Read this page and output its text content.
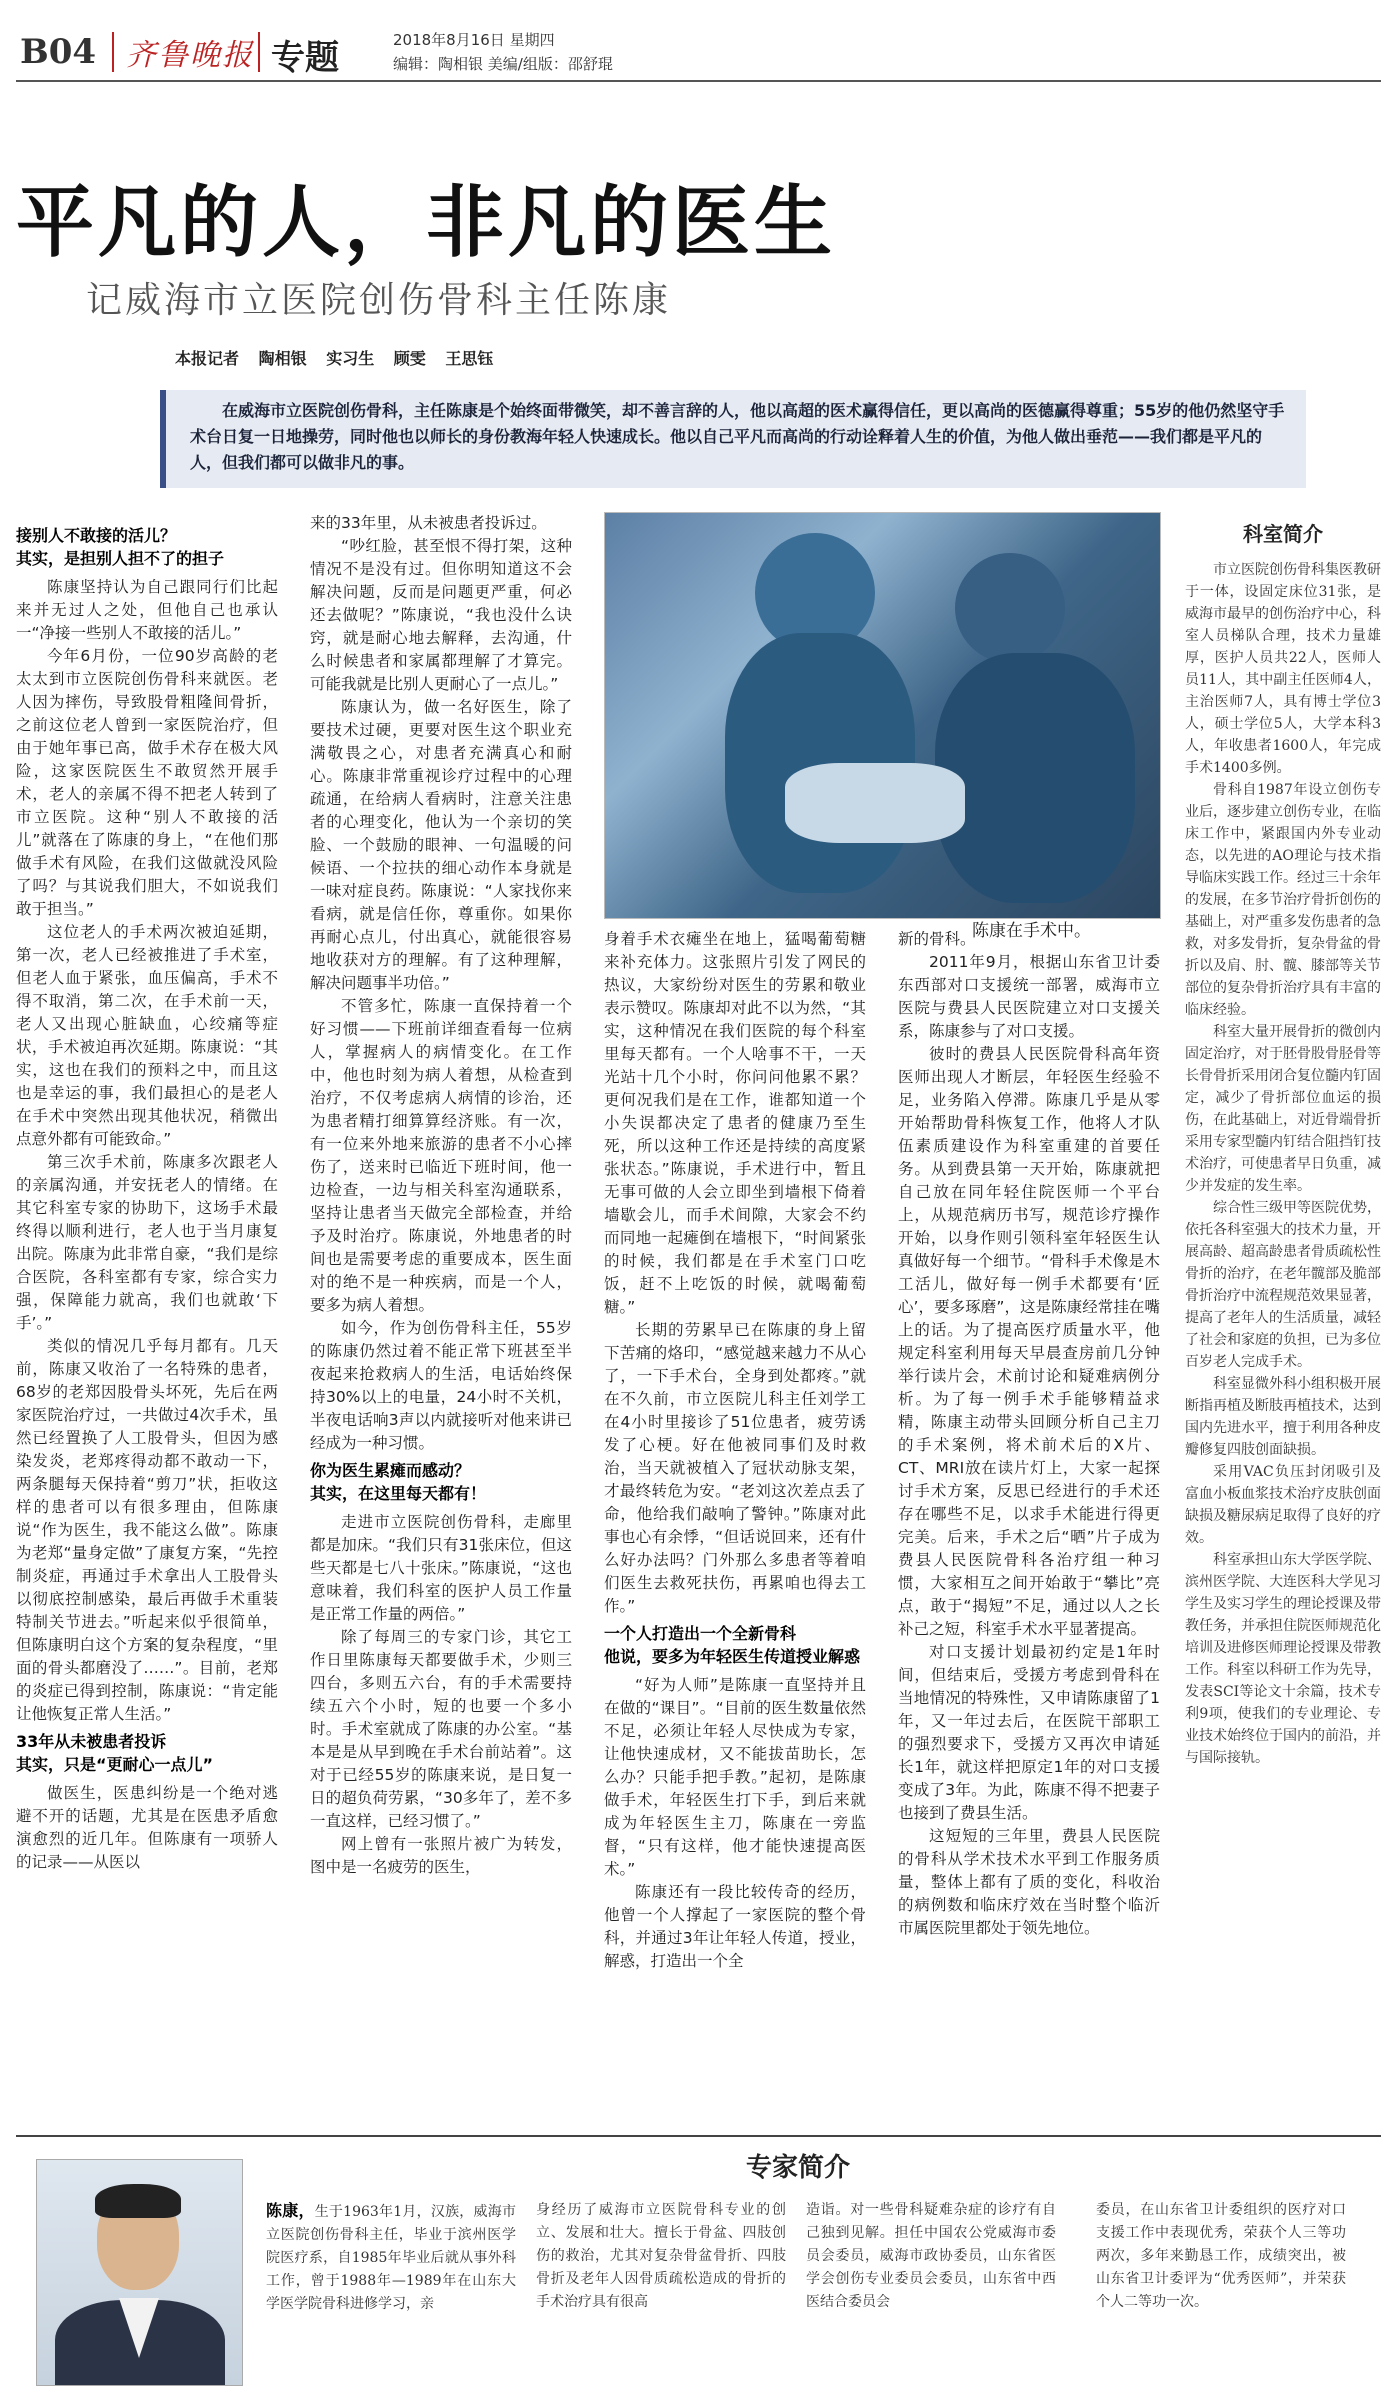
B04 齐鲁晚报 专题	2018年8月16日 星期四
编辑：陶相银 美编/组版：邵舒琨
平凡的人，非凡的医生
记威海市立医院创伤骨科主任陈康
本报记者 陶相银 实习生 顾雯 王思钰

在威海市立医院创伤骨科，主任陈康是个始终面带微笑，却不善言辞的人，他以高超的医术赢得信任，更以高尚的医德赢得尊重；55岁的他仍然坚守手术台日复一日地操劳，同时他也以师长的身份教海年轻人快速成长。他以自己平凡而高尚的行动诠释着人生的价值，为他人做出垂范——我们都是平凡的人，但我们都可以做非凡的事。

接别人不敢接的活儿？
其实，是担别人担不了的担子

陈康坚持认为自己跟同行们比起来并无过人之处，但他自己也承认一“净接一些别人不敢接的活儿。”

今年6月份，一位90岁高龄的老太太到市立医院创伤骨科来就医。老人因为摔伤，导致股骨粗隆间骨折，之前这位老人曾到一家医院治疗，但由于她年事已高，做手术存在极大风险，这家医院医生不敢贸然开展手术，老人的亲属不得不把老人转到了市立医院。这种“别人不敢接的活儿”就落在了陈康的身上，“在他们那做手术有风险，在我们这做就没风险了吗？与其说我们胆大，不如说我们敢于担当。”

这位老人的手术两次被迫延期，第一次，老人已经被推进了手术室，但老人血于紧张，血压偏高，手术不得不取消，第二次，在手术前一天，老人又出现心脏缺血，心绞痛等症状，手术被迫再次延期。陈康说：“其实，这也在我们的预料之中，而且这也是幸运的事，我们最担心的是老人在手术中突然出现其他状况，稍微出点意外都有可能致命。”

第三次手术前，陈康多次跟老人的亲属沟通，并安抚老人的情绪。在其它科室专家的协助下，这场手术最终得以顺利进行，老人也于当月康复出院。陈康为此非常自豪，“我们是综合医院，各科室都有专家，综合实力强，保障能力就高，我们也就敢‘下手’。”

类似的情况几乎每月都有。几天前，陈康又收治了一名特殊的患者，68岁的老郑因股骨头坏死，先后在两家医院治疗过，一共做过4次手术，虽然已经置换了人工股骨头，但因为感染发炎，老郑疼得动都不敢动一下，两条腿每天保持着“剪刀”状，拒收这样的患者可以有很多理由，但陈康说“作为医生，我不能这么做”。陈康为老郑“量身定做”了康复方案，“先控制炎症，再通过手术拿出人工股骨头以彻底控制感染，最后再做手术重装特制关节进去。”听起来似乎很简单，但陈康明白这个方案的复杂程度，“里面的骨头都磨没了……”。目前，老郑的炎症已得到控制，陈康说：“肯定能让他恢复正常人生活。”

33年从未被患者投诉
其实，只是“更耐心一点儿”

做医生，医患纠纷是一个绝对逃避不开的话题，尤其是在医患矛盾愈演愈烈的近几年。但陈康有一项骄人的记录——从医以

来的33年里，从未被患者投诉过。

“吵红脸，甚至恨不得打架，这种情况不是没有过。但你明知道这不会解决问题，反而是问题更严重，何必还去做呢？”陈康说，“我也没什么诀窍，就是耐心地去解释，去沟通，什么时候患者和家属都理解了才算完。可能我就是比别人更耐心了一点儿。”

陈康认为，做一名好医生，除了要技术过硬，更要对医生这个职业充满敬畏之心，对患者充满真心和耐心。陈康非常重视诊疗过程中的心理疏通，在给病人看病时，注意关注患者的心理变化，他认为一个亲切的笑脸、一个鼓励的眼神、一句温暖的问候语、一个拉扶的细心动作本身就是一味对症良药。陈康说：“人家找你来看病，就是信任你，尊重你。如果你再耐心点儿，付出真心，就能很容易地收获对方的理解。有了这种理解，解决问题事半功倍。”

不管多忙，陈康一直保持着一个好习惯——下班前详细查看每一位病人，掌握病人的病情变化。在工作中，他也时刻为病人着想，从检查到治疗，不仅考虑病人病情的诊治，还为患者精打细算算经济账。有一次，有一位来外地来旅游的患者不小心摔伤了，送来时已临近下班时间，他一边检查，一边与相关科室沟通联系，坚持让患者当天做完全部检查，并给予及时治疗。陈康说，外地患者的时间也是需要考虑的重要成本，医生面对的绝不是一种疾病，而是一个人，要多为病人着想。

如今，作为创伤骨科主任，55岁的陈康仍然过着不能正常下班甚至半夜起来抢救病人的生活，电话始终保持30%以上的电量，24小时不关机，半夜电话响3声以内就接听对他来讲已经成为一种习惯。

你为医生累瘫而感动？
其实，在这里每天都有！

走进市立医院创伤骨科，走廊里都是加床。“我们只有31张床位，但这些天都是七八十张床。”陈康说，“这也意味着，我们科室的医护人员工作量是正常工作量的两倍。”

除了每周三的专家门诊，其它工作日里陈康每天都要做手术，少则三四台，多则五六台，有的手术需要持续五六个小时，短的也要一个多小时。手术室就成了陈康的办公室。“基本是是从早到晚在手术台前站着”。这对于已经55岁的陈康来说，是日复一日的超负荷劳累，“30多年了，差不多一直这样，已经习惯了。”

网上曾有一张照片被广为转发，图中是一名疲劳的医生，

陈康在手术中。

身着手术衣瘫坐在地上，猛喝葡萄糖来补充体力。这张照片引发了网民的热议，大家纷纷对医生的劳累和敬业表示赞叹。陈康却对此不以为然，“其实，这种情况在我们医院的每个科室里每天都有。一个人啥事不干，一天光站十几个小时，你问问他累不累？更何况我们是在工作，谁都知道一个小失误都决定了患者的健康乃至生死，所以这种工作还是持续的高度紧张状态。”陈康说，手术进行中，暂且无事可做的人会立即坐到墙根下倚着墙歇会儿，而手术间隙，大家会不约而同地一起瘫倒在墙根下，“时间紧张的时候，我们都是在手术室门口吃饭，赶不上吃饭的时候，就喝葡萄糖。”

长期的劳累早已在陈康的身上留下苦痛的烙印，“感觉越来越力不从心了，一下手术台，全身到处都疼。”就在不久前，市立医院儿科主任刘学工在4小时里接诊了51位患者，疲劳诱发了心梗。好在他被同事们及时救治，当天就被植入了冠状动脉支架，才最终转危为安。“老刘这次差点丢了命，他给我们敲响了警钟。”陈康对此事也心有余悸，“但话说回来，还有什么好办法吗？门外那么多患者等着咱们医生去救死扶伤，再累咱也得去工作。”

一个人打造出一个全新骨科
他说，要多为年轻医生传道授业解惑

“好为人师”是陈康一直坚持并且在做的“课目”。“目前的医生数量依然不足，必须让年轻人尽快成为专家，让他快速成材，又不能拔苗助长，怎么办？只能手把手教。”起初，是陈康做手术，年轻医生打下手，到后来就成为年轻医生主刀，陈康在一旁监督，“只有这样，他才能快速提高医术。”

陈康还有一段比较传奇的经历，他曾一个人撑起了一家医院的整个骨科，并通过3年让年轻人传道，授业，解惑，打造出一个全

新的骨科。

2011年9月，根据山东省卫计委东西部对口支援统一部署，威海市立医院与费县人民医院建立对口支援关系，陈康参与了对口支援。

彼时的费县人民医院骨科高年资医师出现人才断层，年轻医生经验不足，业务陷入停滞。陈康几乎是从零开始帮助骨科恢复工作，他将人才队伍素质建设作为科室重建的首要任务。从到费县第一天开始，陈康就把自己放在同年轻住院医师一个平台上，从规范病历书写，规范诊疗操作开始，以身作则引领科室年轻医生认真做好每一个细节。“骨科手术像是木工活儿，做好每一例手术都要有‘匠心’，要多琢磨”，这是陈康经常挂在嘴上的话。为了提高医疗质量水平，他规定科室利用每天早晨查房前几分钟举行读片会，术前讨论和疑难病例分析。为了每一例手术手能够精益求精，陈康主动带头回顾分析自己主刀的手术案例，将术前术后的X片、CT、MRI放在读片灯上，大家一起探讨手术方案，反思已经进行的手术还存在哪些不足，以求手术能进行得更完美。后来，手术之后“晒”片子成为费县人民医院骨科各治疗组一种习惯，大家相互之间开始敢于“攀比”亮点，敢于“揭短”不足，通过以人之长补己之短，科室手术水平显著提高。

对口支援计划最初约定是1年时间，但结束后，受援方考虑到骨科在当地情况的特殊性，又申请陈康留了1年，又一年过去后，在医院干部职工的强烈要求下，受援方又再次申请延长1年，就这样把原定1年的对口支援变成了3年。为此，陈康不得不把妻子也接到了费县生活。

这短短的三年里，费县人民医院的骨科从学术技术水平到工作服务质量，整体上都有了质的变化，科收治的病例数和临床疗效在当时整个临沂市属医院里都处于领先地位。

科室简介

市立医院创伤骨科集医教研于一体，设固定床位31张，是威海市最早的创伤治疗中心，科室人员梯队合理，技术力量雄厚，医护人员共22人，医师人员11人，其中副主任医师4人，主治医师7人，具有博士学位3人，硕士学位5人，大学本科3人，年收患者1600人，年完成手术1400多例。

骨科自1987年设立创伤专业后，逐步建立创伤专业，在临床工作中，紧跟国内外专业动态，以先进的AO理论与技术指导临床实践工作。经过三十余年的发展，在多节治疗骨折创伤的基础上，对严重多发伤患者的急救，对多发骨折，复杂骨盆的骨折以及肩、肘、髋、膝部等关节部位的复杂骨折治疗具有丰富的临床经验。

科室大量开展骨折的微创内固定治疗，对于胚骨股骨胫骨等长骨骨折采用闭合复位髓内钉固定，减少了骨折部位血运的损伤，在此基础上，对近骨端骨折采用专家型髓内钉结合阻挡钉技术治疗，可使患者早日负重，减少并发症的发生率。

综合性三级甲等医院优势，依托各科室强大的技术力量，开展高龄、超高龄患者骨质疏松性骨折的治疗，在老年髋部及脆部骨折治疗中流程规范效果显著，提高了老年人的生活质量，减轻了社会和家庭的负担，已为多位百岁老人完成手术。

科室显微外科小组积极开展断指再植及断肢再植技术，达到国内先进水平，擅于利用各种皮瓣修复四肢创面缺损。

采用VAC负压封闭吸引及富血小板血浆技术治疗皮肤创面缺损及糖尿病足取得了良好的疗效。

科室承担山东大学医学院、滨州医学院、大连医科大学见习学生及实习学生的理论授课及带教任务，并承担住院医师规范化培训及进修医师理论授课及带教工作。科室以科研工作为先导，发表SCI等论文十余篇，技术专利9项，使我们的专业理论、专业技术始终位于国内的前沿，并与国际接轨。

专家简介
陈康，生于1963年1月，汉族，威海市立医院创伤骨科主任，毕业于滨州医学院医疗系，自1985年毕业后就从事外科工作，曾于1988年—1989年在山东大学医学院骨科进修学习，亲
身经历了威海市立医院骨科专业的创立、发展和壮大。擅长于骨盆、四肢创伤的救治，尤其对复杂骨盆骨折、四肢骨折及老年人因骨质疏松造成的骨折的手术治疗具有很高
造诣。对一些骨科疑难杂症的诊疗有自己独到见解。担任中国农公党威海市委员会委员，威海市政协委员，山东省医学会创伤专业委员会委员，山东省中西医结合委员会
委员，在山东省卫计委组织的医疗对口支援工作中表现优秀，荣获个人三等功两次，多年来勤恳工作，成绩突出，被山东省卫计委评为“优秀医师”，并荣获个人二等功一次。
